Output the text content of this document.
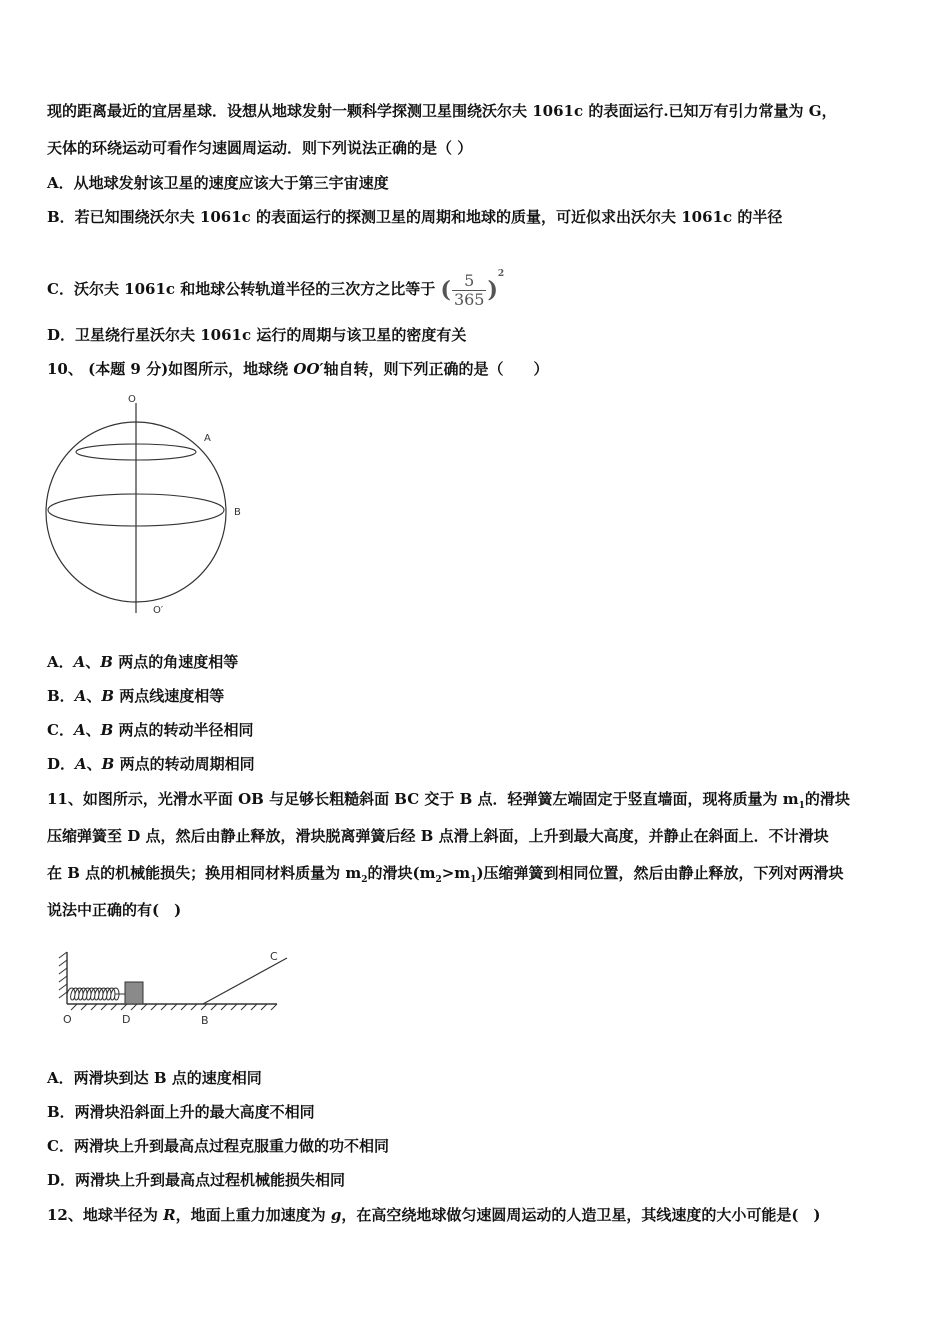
现的距离最近的宜居星球．设想从地球发射一颗科学探测卫星围绕沃尔夫 1061c 的表面运行.已知万有引力常量为 G，
天体的环绕运动可看作匀速圆周运动．则下列说法正确的是（ ）
A．从地球发射该卫星的速度应该大于第三宇宙速度
B．若已知围绕沃尔夫 1061c 的表面运行的探测卫星的周期和地球的质量，可近似求出沃尔夫 1061c 的半径
C．沃尔夫 1061c 和地球公转轨道半径的三次方之比等于 ( $\frac{5}{365} )^2$
D．卫星绕行星沃尔夫 1061c 运行的周期与该卫星的密度有关
10、 (本题 9 分)如图所示，地球绕 OO′轴自转，则下列正确的是（　　）
O
A
B
O′
A．A、B 两点的角速度相等
B．A、B 两点线速度相等
C．A、B 两点的转动半径相同
D．A、B 两点的转动周期相同
11、如图所示，光滑水平面 OB 与足够长粗糙斜面 BC 交于 B 点．轻弹簧左端固定于竖直墙面，现将质量为 $m_1$的滑块
压缩弹簧至 D 点，然后由静止释放，滑块脱离弹簧后经 B 点滑上斜面，上升到最大高度，并静止在斜面上．不计滑块
在 B 点的机械能损失；换用相同材料质量为 $m_2$的滑块$(m_2>m_1)$压缩弹簧到相同位置，然后由静止释放，下列对两滑块
说法中正确的有(　)
O	D	B
C
A．两滑块到达 B 点的速度相同
B．两滑块沿斜面上升的最大高度不相同
C．两滑块上升到最高点过程克服重力做的功不相同
D．两滑块上升到最高点过程机械能损失相同
12、地球半径为 R，地面上重力加速度为 g，在高空绕地球做匀速圆周运动的人造卫星，其线速度的大小可能是(　)
